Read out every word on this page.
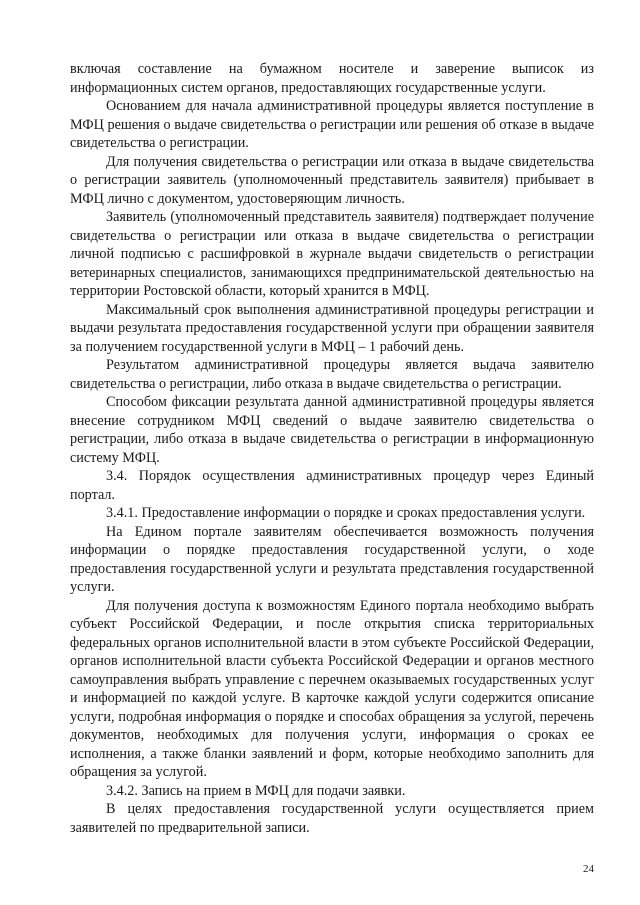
включая составление на бумажном носителе и заверение выписок из информационных систем органов, предоставляющих государственные услуги.

Основанием для начала административной процедуры является поступление в МФЦ решения о выдаче свидетельства о регистрации или решения об отказе в выдаче свидетельства о регистрации.

Для получения свидетельства о регистрации или отказа в выдаче свидетельства о регистрации заявитель (уполномоченный представитель заявителя) прибывает в МФЦ лично с документом, удостоверяющим личность.

Заявитель (уполномоченный представитель заявителя) подтверждает получение свидетельства о регистрации или отказа в выдаче свидетельства о регистрации личной подписью с расшифровкой в журнале выдачи свидетельств о регистрации ветеринарных специалистов, занимающихся предпринимательской деятельностью на территории Ростовской области, который хранится в МФЦ.

Максимальный срок выполнения административной процедуры регистрации и выдачи результата предоставления государственной услуги при обращении заявителя за получением государственной услуги в МФЦ – 1 рабочий день.

Результатом административной процедуры является выдача заявителю свидетельства о регистрации, либо отказа в выдаче свидетельства о регистрации.

Способом фиксации результата данной административной процедуры является внесение сотрудником МФЦ сведений о выдаче заявителю свидетельства о регистрации, либо отказа в выдаче свидетельства о регистрации в информационную систему МФЦ.

3.4. Порядок осуществления административных процедур через Единый портал.

3.4.1. Предоставление информации о порядке и сроках предоставления услуги.

На Едином портале заявителям обеспечивается возможность получения информации о порядке предоставления государственной услуги, о ходе предоставления государственной услуги и результата представления государственной услуги.

Для получения доступа к возможностям Единого портала необходимо выбрать субъект Российской Федерации, и после открытия списка территориальных федеральных органов исполнительной власти в этом субъекте Российской Федерации, органов исполнительной власти субъекта Российской Федерации и органов местного самоуправления выбрать управление с перечнем оказываемых государственных услуг и информацией по каждой услуге. В карточке каждой услуги содержится описание услуги, подробная информация о порядке и способах обращения за услугой, перечень документов, необходимых для получения услуги, информация о сроках ее исполнения, а также бланки заявлений и форм, которые необходимо заполнить для обращения за услугой.

3.4.2. Запись на прием в МФЦ для подачи заявки.

В целях предоставления государственной услуги осуществляется прием заявителей по предварительной записи.

24
